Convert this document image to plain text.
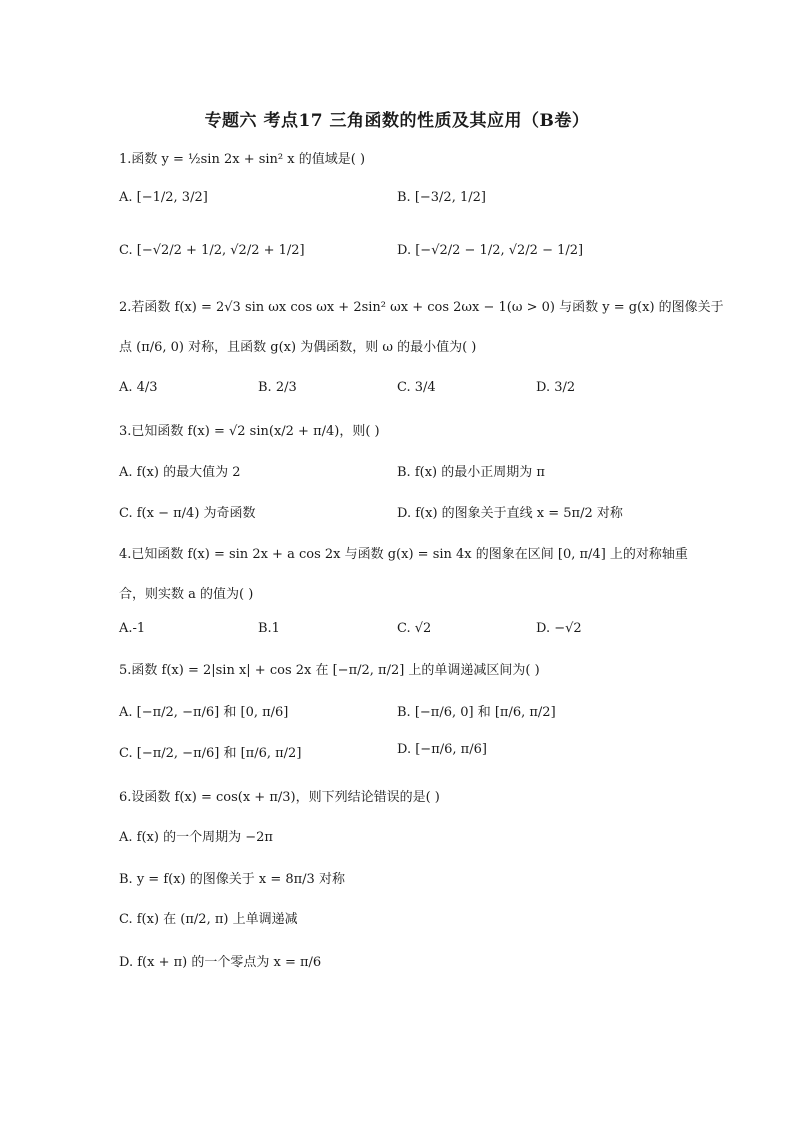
专题六 考点17 三角函数的性质及其应用（B卷）
1.函数 y = ½sin 2x + sin² x 的值域是( )
A. [−1/2, 3/2]	B. [−3/2, 1/2]
C. [−√2/2 + 1/2, √2/2 + 1/2]	D. [−√2/2 − 1/2, √2/2 − 1/2]
2.若函数 f(x) = 2√3 sin ωx cos ωx + 2sin² ωx + cos 2ωx − 1(ω > 0) 与函数 y = g(x) 的图像关于
点 (π/6, 0) 对称，且函数 g(x) 为偶函数，则 ω 的最小值为( )
A. 4/3	B. 2/3	C. 3/4	D. 3/2
3.已知函数 f(x) = √2 sin(x/2 + π/4)，则( )
A. f(x) 的最大值为 2	B. f(x) 的最小正周期为 π
C. f(x − π/4) 为奇函数	D. f(x) 的图象关于直线 x = 5π/2 对称
4.已知函数 f(x) = sin 2x + a cos 2x 与函数 g(x) = sin 4x 的图象在区间 [0, π/4] 上的对称轴重
合，则实数 a 的值为( )
A.-1	B.1	C. √2	D. −√2
5.函数 f(x) = 2|sin x| + cos 2x 在 [−π/2, π/2] 上的单调递减区间为( )
A. [−π/2, −π/6] 和 [0, π/6]	B. [−π/6, 0] 和 [π/6, π/2]
C. [−π/2, −π/6] 和 [π/6, π/2]	D. [−π/6, π/6]
6.设函数 f(x) = cos(x + π/3)，则下列结论错误的是( )
A. f(x) 的一个周期为 −2π
B. y = f(x) 的图像关于 x = 8π/3 对称
C. f(x) 在 (π/2, π) 上单调递减
D. f(x + π) 的一个零点为 x = π/6
